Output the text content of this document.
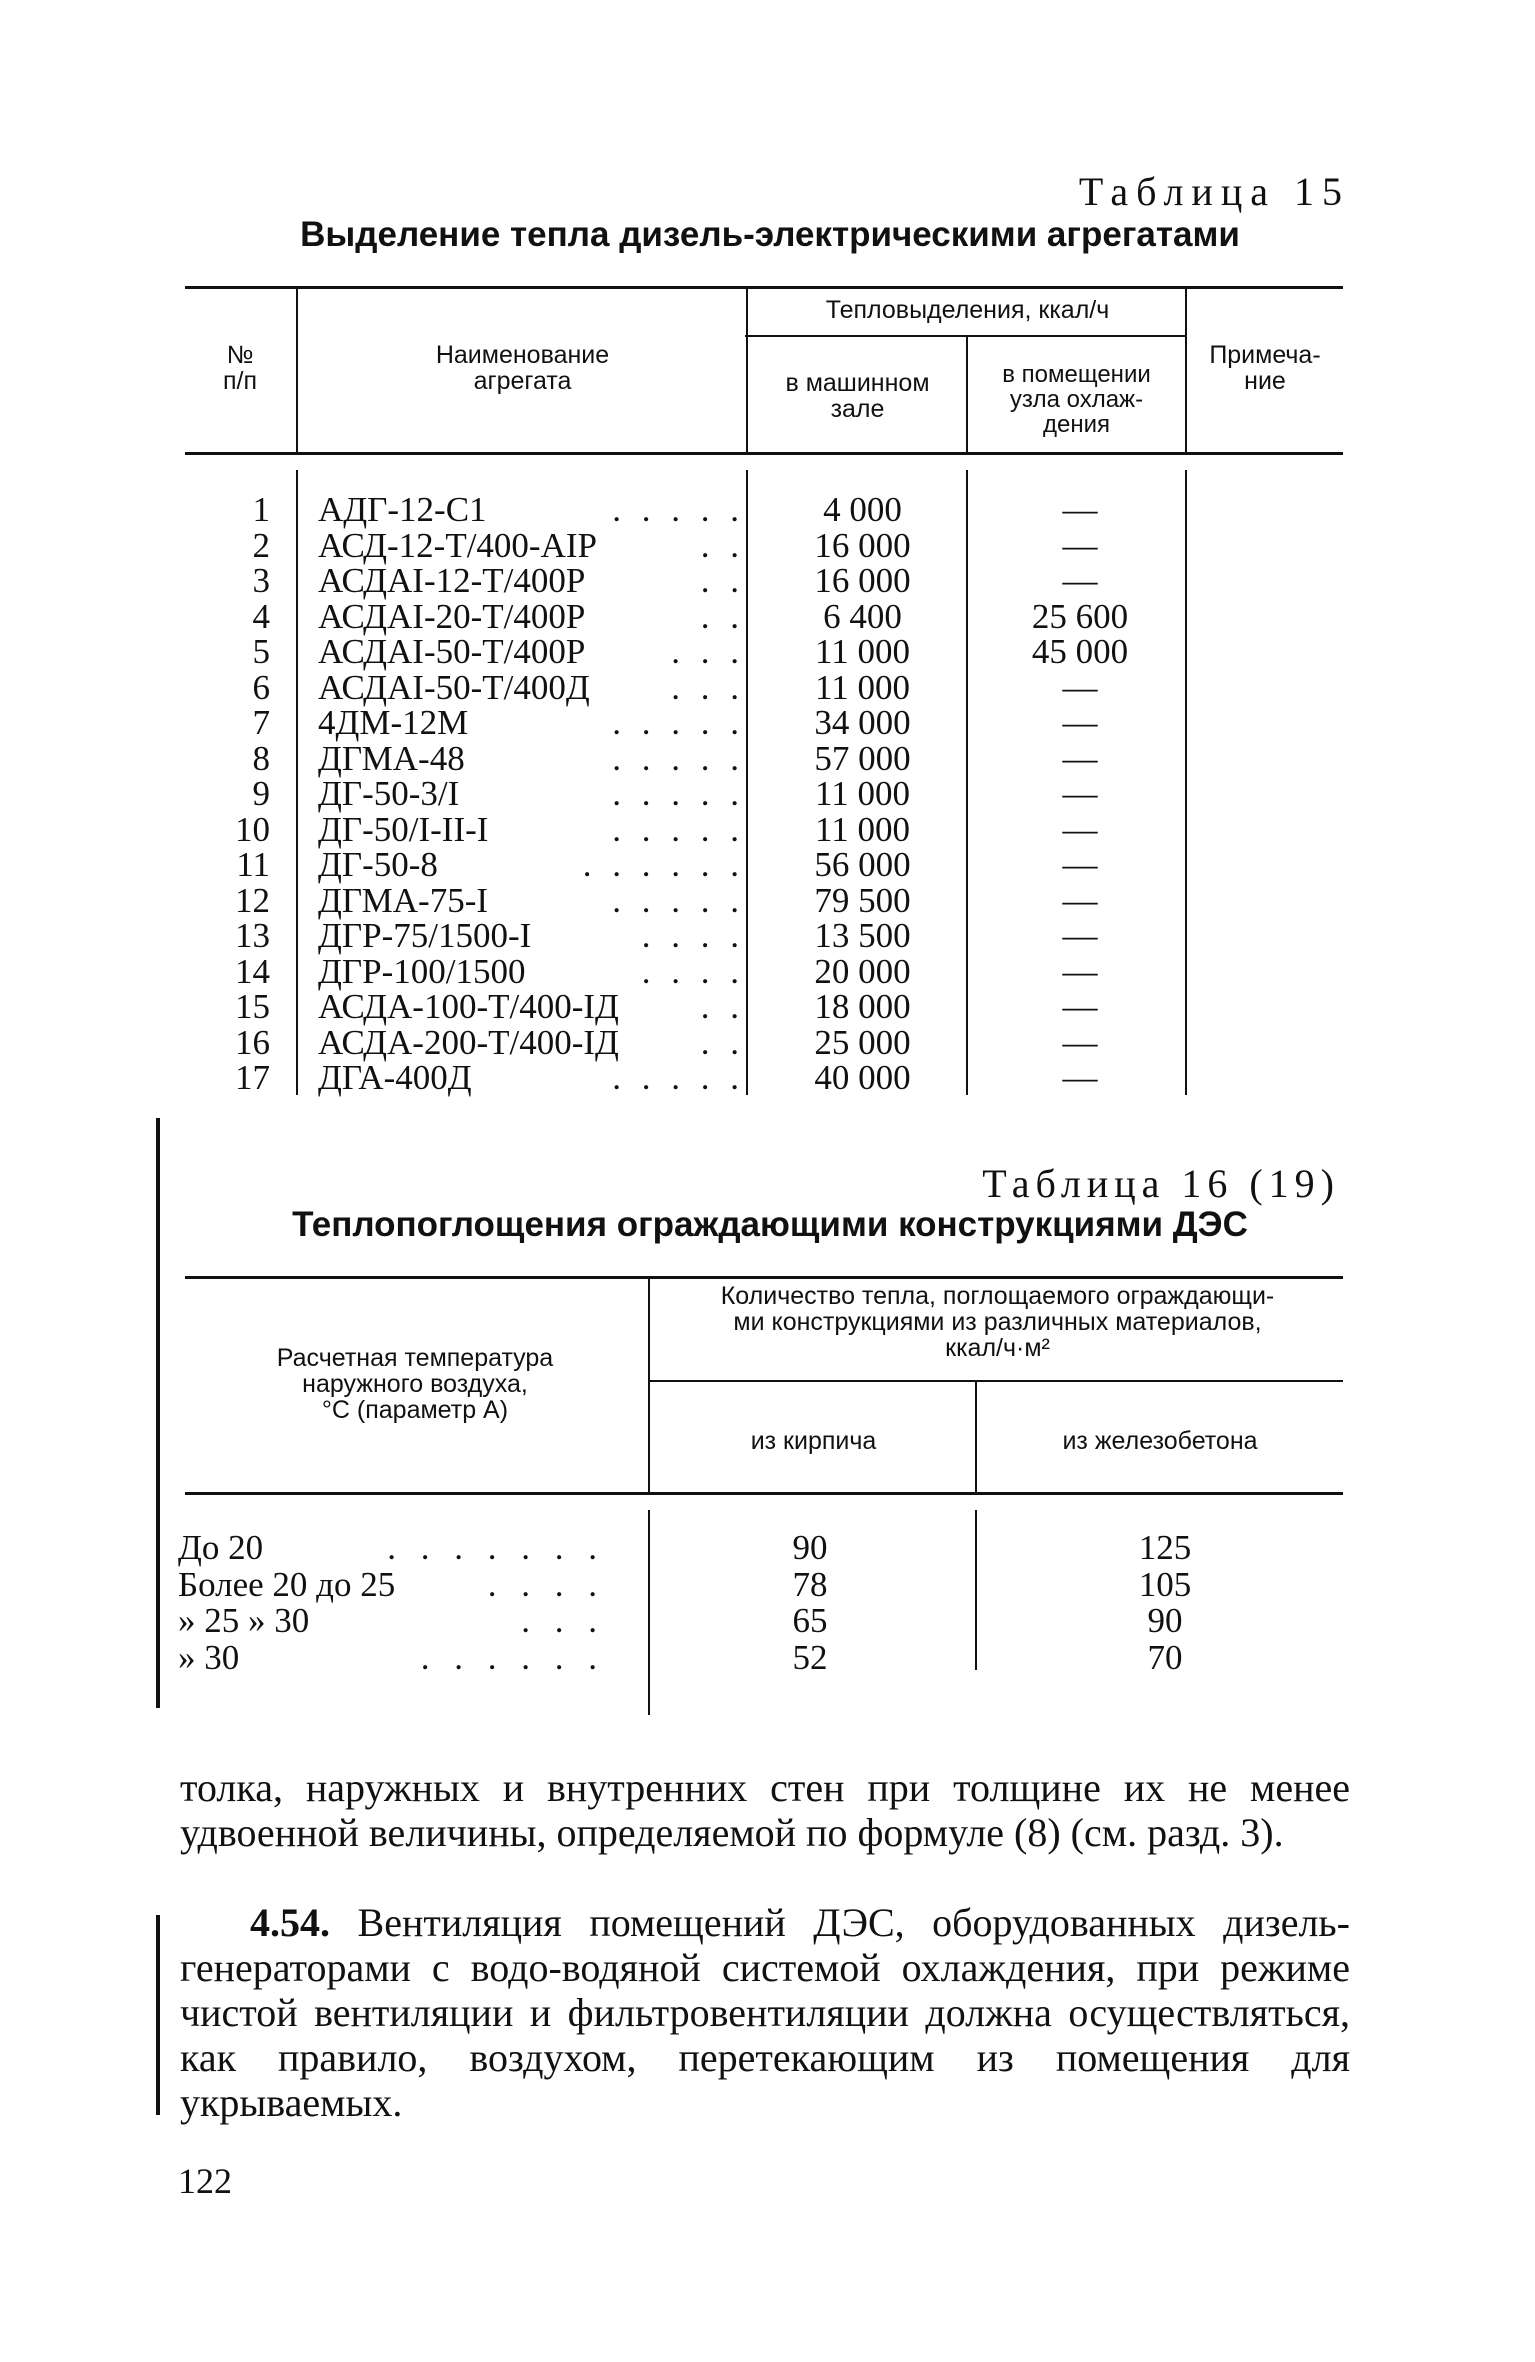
Таблица 15
Выделение тепла дизель-электрическими агрегатами
№
п/п
Наименование
агрегата
Тепловыделения, ккал/ч
в машинном
зале
в помещении
узла охлаж-
дения
Примеча-
ние
1
2
3
4
5
6
7
8
9
10
11
12
13
14
15
16
17
АДГ-12-С1
АСД-12-Т/400-АІР
АСДАІ-12-Т/400Р
АСДАІ-20-Т/400Р
АСДАІ-50-Т/400Р
АСДАІ-50-Т/400Д
4ДМ-12М
ДГМА-48
ДГ-50-3/І
ДГ-50/І-ІІ-І
ДГ-50-8
ДГМА-75-І
ДГР-75/1500-І
ДГР-100/1500
АСДА-100-Т/400-ІД
АСДА-200-Т/400-ІД
ДГА-400Д
. . . . .
. .
. .
. .
. . .
. . .
. . . . .
. . . . .
. . . . .
. . . . .
. . . . . .
. . . . .
. . . .
. . . .
. .
. .
. . . . .
4 000
16 000
16 000
6 400
11 000
11 000
34 000
57 000
11 000
11 000
56 000
79 500
13 500
20 000
18 000
25 000
40 000
—
—
—
25 600
45 000
—
—
—
—
—
—
—
—
—
—
—
—
Таблица 16 (19)
Теплопоглощения ограждающими конструкциями ДЭС
Расчетная температура
наружного воздуха,
°С (параметр А)
Количество тепла, поглощаемого ограждающи-
ми конструкциями из различных материалов,
ккал/ч·м²
из кирпича	из железобетона
До 20
Более 20 до 25
» 25 » 30
» 30
. . . . . . .
. . . .
. . .
. . . . . .
90
78
65
52
125
105
90
70
толка, наружных и внутренних стен при толщине их не менее удвоенной величины, определяемой по формуле (8) (см. разд. 3).
4.54. Вентиляция помещений ДЭС, оборудованных дизель-генераторами с водо-водяной системой охлаждения, при режиме чистой вентиляции и фильтровентиляции должна осуществляться, как правило, воздухом, перетекающим из помещения для укрываемых.
122
